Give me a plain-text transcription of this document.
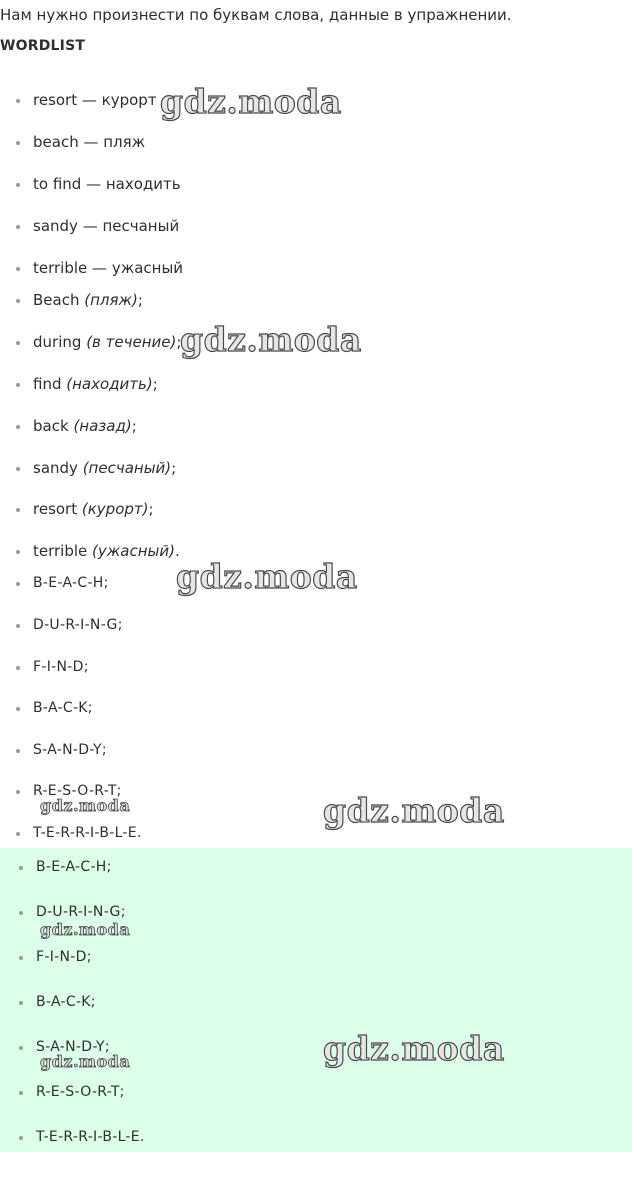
Нам нужно произнести по буквам слова, данные в упражнении.
WORDLIST
resort — курорт
beach — пляж
to find — находить
sandy — песчаный
terrible — ужасный
Beach (пляж);
during (в течение);
find (находить);
back (назад);
sandy (песчаный);
resort (курорт);
terrible (ужасный).
B-E-A-C-H;
D-U-R-I-N-G;
F-I-N-D;
B-A-C-K;
S-A-N-D-Y;
R-E-S-O-R-T;
T-E-R-R-I-B-L-E.
B-E-A-C-H;
D-U-R-I-N-G;
F-I-N-D;
B-A-C-K;
S-A-N-D-Y;
R-E-S-O-R-T;
T-E-R-R-I-B-L-E.
gdz.moda
gdz.moda
gdz.moda
gdz.moda	gdz.moda
gdz.moda
gdz.moda	gdz.moda
